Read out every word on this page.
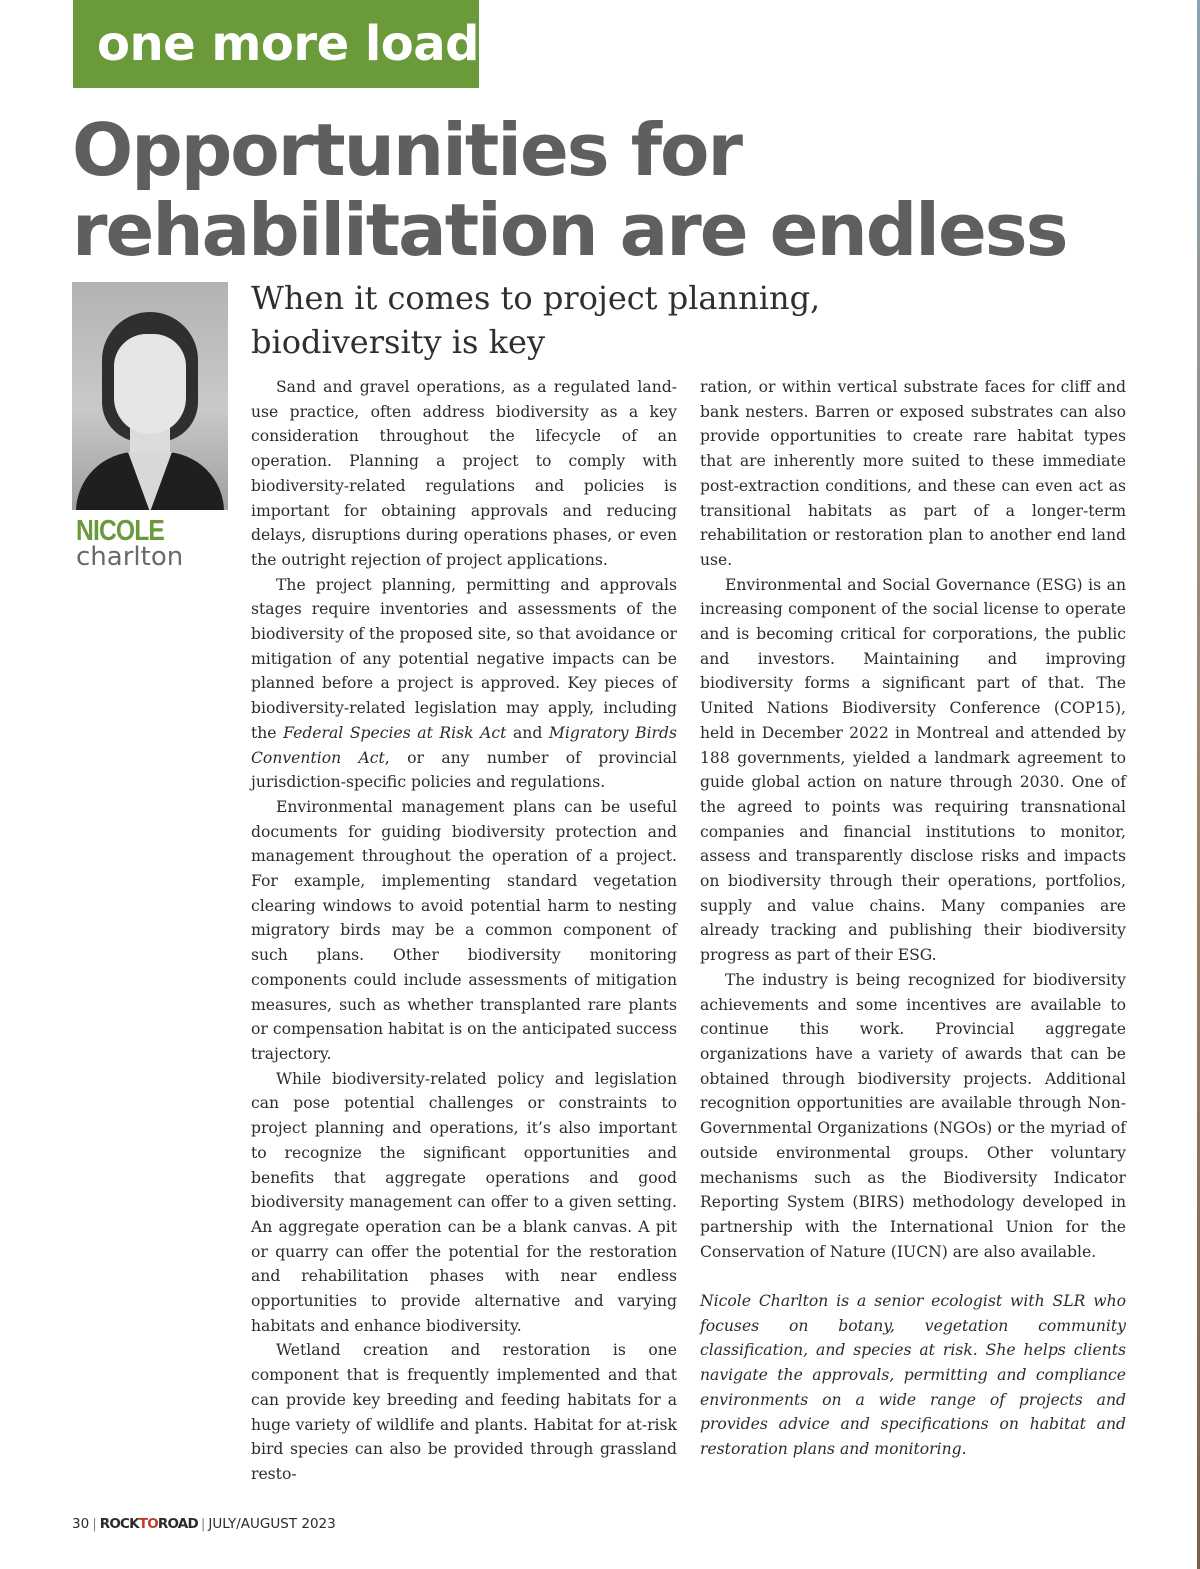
one more load
Opportunities for
rehabilitation are endless
NICOLE
charlton
When it comes to project planning,
biodiversity is key

Sand and gravel operations, as a regulated land-use practice, often address biodiversity as a key consideration throughout the lifecycle of an operation. Planning a project to comply with biodiversity-related regulations and policies is important for obtaining approvals and reducing delays, disruptions during operations phases, or even the outright rejection of project applications.

The project planning, permitting and approvals stages require inventories and assessments of the biodiversity of the proposed site, so that avoidance or mitigation of any potential negative impacts can be planned before a project is approved. Key pieces of biodiversity-related legislation may apply, including the Federal Species at Risk Act and Migratory Birds Convention Act, or any number of provincial jurisdiction-specific policies and regulations.

Environmental management plans can be useful documents for guiding biodiversity protection and management throughout the operation of a project. For example, implementing standard vegetation clearing windows to avoid potential harm to nesting migratory birds may be a common component of such plans. Other biodiversity monitoring components could include assessments of mitigation measures, such as whether transplanted rare plants or compensation habitat is on the anticipated success trajectory.

While biodiversity-related policy and legislation can pose potential challenges or constraints to project planning and operations, it’s also important to recognize the significant opportunities and benefits that aggregate operations and good biodiversity management can offer to a given setting. An aggregate operation can be a blank canvas. A pit or quarry can offer the potential for the restoration and rehabilitation phases with near endless opportunities to provide alternative and varying habitats and enhance biodiversity.

Wetland creation and restoration is one component that is frequently implemented and that can provide key breeding and feeding habitats for a huge variety of wildlife and plants. Habitat for at-risk bird species can also be provided through grassland resto-

ration, or within vertical substrate faces for cliff and bank nesters. Barren or exposed substrates can also provide opportunities to create rare habitat types that are inherently more suited to these immediate post-extraction conditions, and these can even act as transitional habitats as part of a longer-term rehabilitation or restoration plan to another end land use.

Environmental and Social Governance (ESG) is an increasing component of the social license to operate and is becoming critical for corporations, the public and investors. Maintaining and improving biodiversity forms a significant part of that. The United Nations Biodiversity Conference (COP15), held in December 2022 in Montreal and attended by 188 governments, yielded a landmark agreement to guide global action on nature through 2030. One of the agreed to points was requiring transnational companies and financial institutions to monitor, assess and transparently disclose risks and impacts on biodiversity through their operations, portfolios, supply and value chains. Many companies are already tracking and publishing their biodiversity progress as part of their ESG.

The industry is being recognized for biodiversity achievements and some incentives are available to continue this work. Provincial aggregate organizations have a variety of awards that can be obtained through biodiversity projects. Additional recognition opportunities are available through Non-Governmental Organizations (NGOs) or the myriad of outside environmental groups. Other voluntary mechanisms such as the Biodiversity Indicator Reporting System (BIRS) methodology developed in partnership with the International Union for the Conservation of Nature (IUCN) are also available.

Nicole Charlton is a senior ecologist with SLR who focuses on botany, vegetation community classification, and species at risk. She helps clients navigate the approvals, permitting and compliance environments on a wide range of projects and provides advice and specifications on habitat and restoration plans and monitoring.

30 | ROCKTOROAD | JULY/AUGUST 2023
